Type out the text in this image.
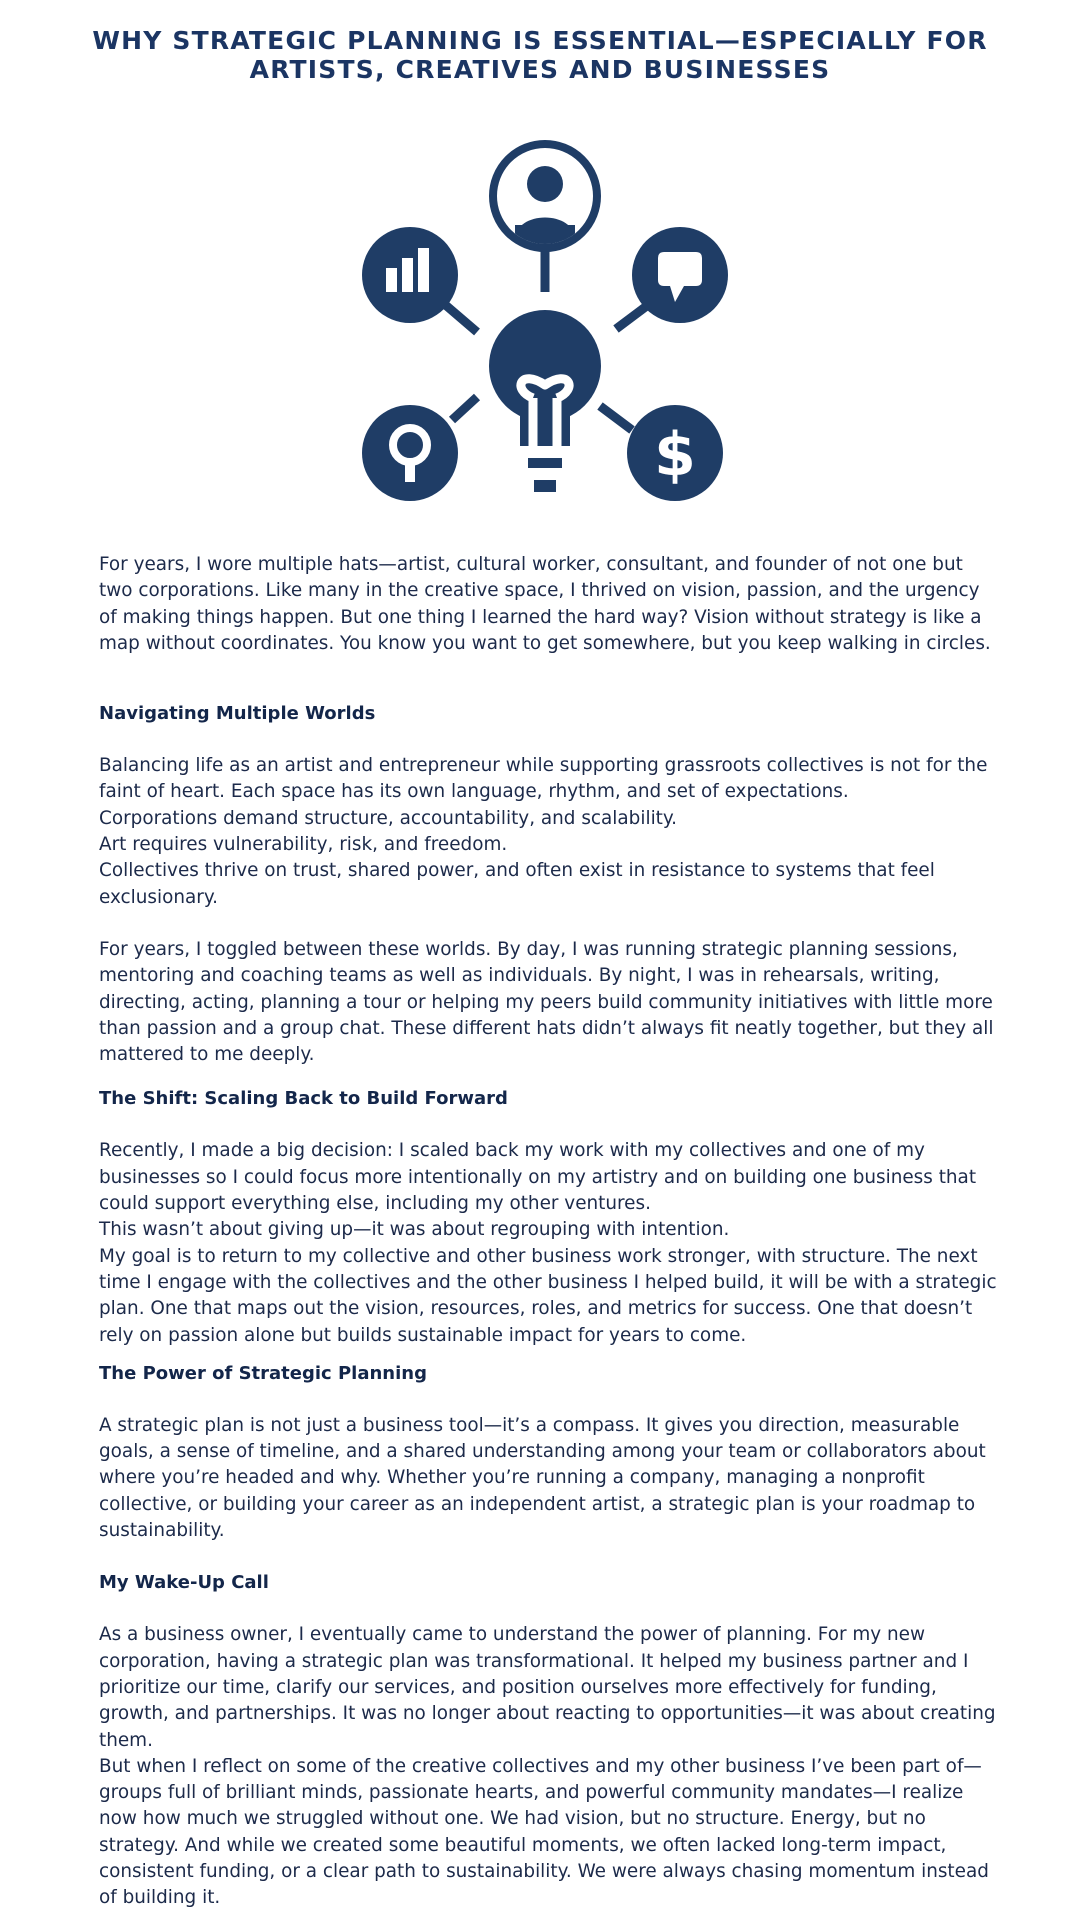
WHY STRATEGIC PLANNING IS ESSENTIAL—ESPECIALLY FOR ARTISTS, CREATIVES AND BUSINESSES
$

For years, I wore multiple hats—artist, cultural worker, consultant, and founder of not one but two corporations. Like many in the creative space, I thrived on vision, passion, and the urgency of making things happen. But one thing I learned the hard way? Vision without strategy is like a map without coordinates. You know you want to get somewhere, but you keep walking in circles.

Navigating Multiple Worlds

Balancing life as an artist and entrepreneur while supporting grassroots collectives is not for the faint of heart. Each space has its own language, rhythm, and set of expectations.

Corporations demand structure, accountability, and scalability.

Art requires vulnerability, risk, and freedom.

Collectives thrive on trust, shared power, and often exist in resistance to systems that feel exclusionary.

For years, I toggled between these worlds. By day, I was running strategic planning sessions, mentoring and coaching teams as well as individuals. By night, I was in rehearsals, writing, directing, acting, planning a tour or helping my peers build community initiatives with little more than passion and a group chat. These different hats didn’t always fit neatly together, but they all mattered to me deeply.

The Shift: Scaling Back to Build Forward

Recently, I made a big decision: I scaled back my work with my collectives and one of my businesses so I could focus more intentionally on my artistry and on building one business that could support everything else, including my other ventures.

This wasn’t about giving up—it was about regrouping with intention.

My goal is to return to my collective and other business work stronger, with structure. The next time I engage with the collectives and the other business I helped build, it will be with a strategic plan. One that maps out the vision, resources, roles, and metrics for success. One that doesn’t rely on passion alone but builds sustainable impact for years to come.

The Power of Strategic Planning

A strategic plan is not just a business tool—it’s a compass. It gives you direction, measurable goals, a sense of timeline, and a shared understanding among your team or collaborators about where you’re headed and why. Whether you’re running a company, managing a nonprofit collective, or building your career as an independent artist, a strategic plan is your roadmap to sustainability.

My Wake-Up Call

As a business owner, I eventually came to understand the power of planning. For my new corporation, having a strategic plan was transformational. It helped my business partner and I prioritize our time, clarify our services, and position ourselves more effectively for funding, growth, and partnerships. It was no longer about reacting to opportunities—it was about creating them.

But when I reflect on some of the creative collectives and my other business I’ve been part of—groups full of brilliant minds, passionate hearts, and powerful community mandates—I realize now how much we struggled without one. We had vision, but no structure. Energy, but no strategy. And while we created some beautiful moments, we often lacked long-term impact, consistent funding, or a clear path to sustainability. We were always chasing momentum instead of building it.
